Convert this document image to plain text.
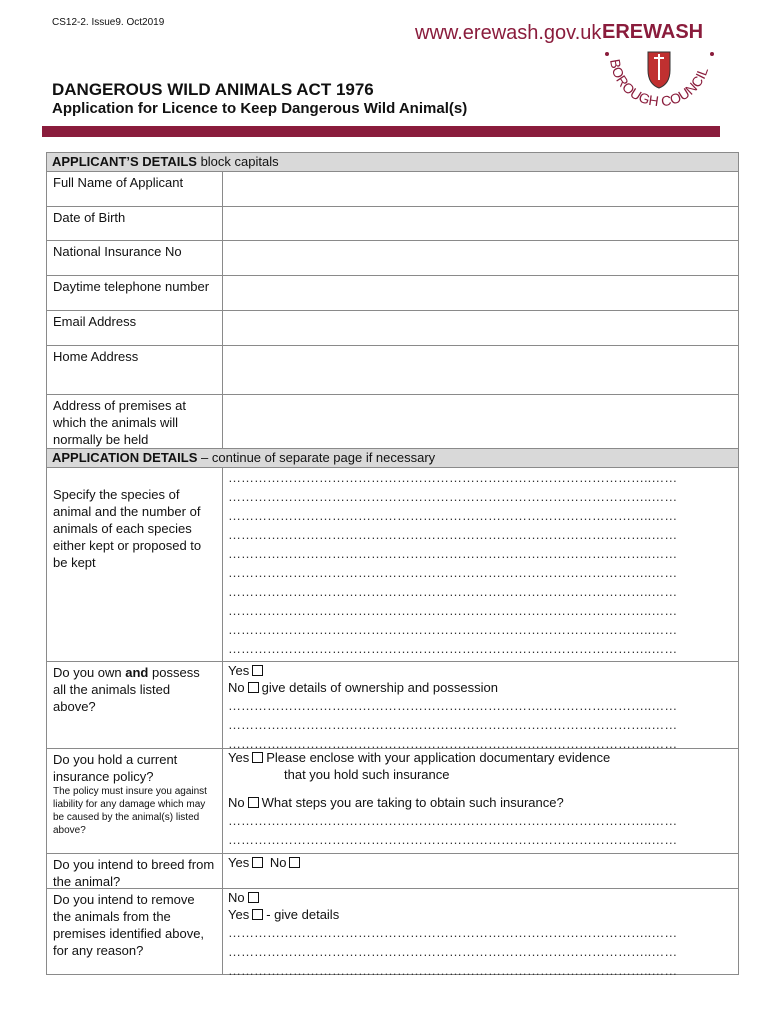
CS12-2. Issue9. Oct2019	www.erewash.gov.uk EREWASH
BOROUGH COUNCIL
DANGEROUS WILD ANIMALS ACT 1976
Application for Licence to Keep Dangerous Wild Animal(s)
APPLICANT’S DETAILS block capitals
Full Name of Applicant
Date of Birth
National Insurance No
Daytime telephone number
Email Address
Home Address
Address of premises at which the animals will normally be held
APPLICATION DETAILS – continue of separate page if necessary
Specify the species of animal and the number of animals of each species either kept or proposed to be kept
……………………………………………………………………………………..……
……………………………………………………………………………………..……
……………………………………………………………………………………..……
……………………………………………………………………………………..……
……………………………………………………………………………………..……
……………………………………………………………………………………..……
……………………………………………………………………………………..……
……………………………………………………………………………………..……
……………………………………………………………………………………..……
……………………………………………………………………………………..……
Do you own and possess all the animals listed above?
Yes
No give details of ownership and possession
……………………………………………………………………………………..……
……………………………………………………………………………………..……
……………………………………………………………………………………..……
Do you hold a current insurance policy?
The policy must insure you against liability for any damage which may be caused by the animal(s) listed above?
Yes Please enclose with your application documentary evidence
that you hold such insurance
No What steps you are taking to obtain such insurance?
……………………………………………………………………………………..……
……………………………………………………………………………………..……
Do you intend to breed from the animal?
Yes No
Do you intend to remove the animals from the premises identified above, for any reason?
No
Yes - give details
……………………………………………………………………………………..……
……………………………………………………………………………………..……
……………………………………………………………………………………..……
